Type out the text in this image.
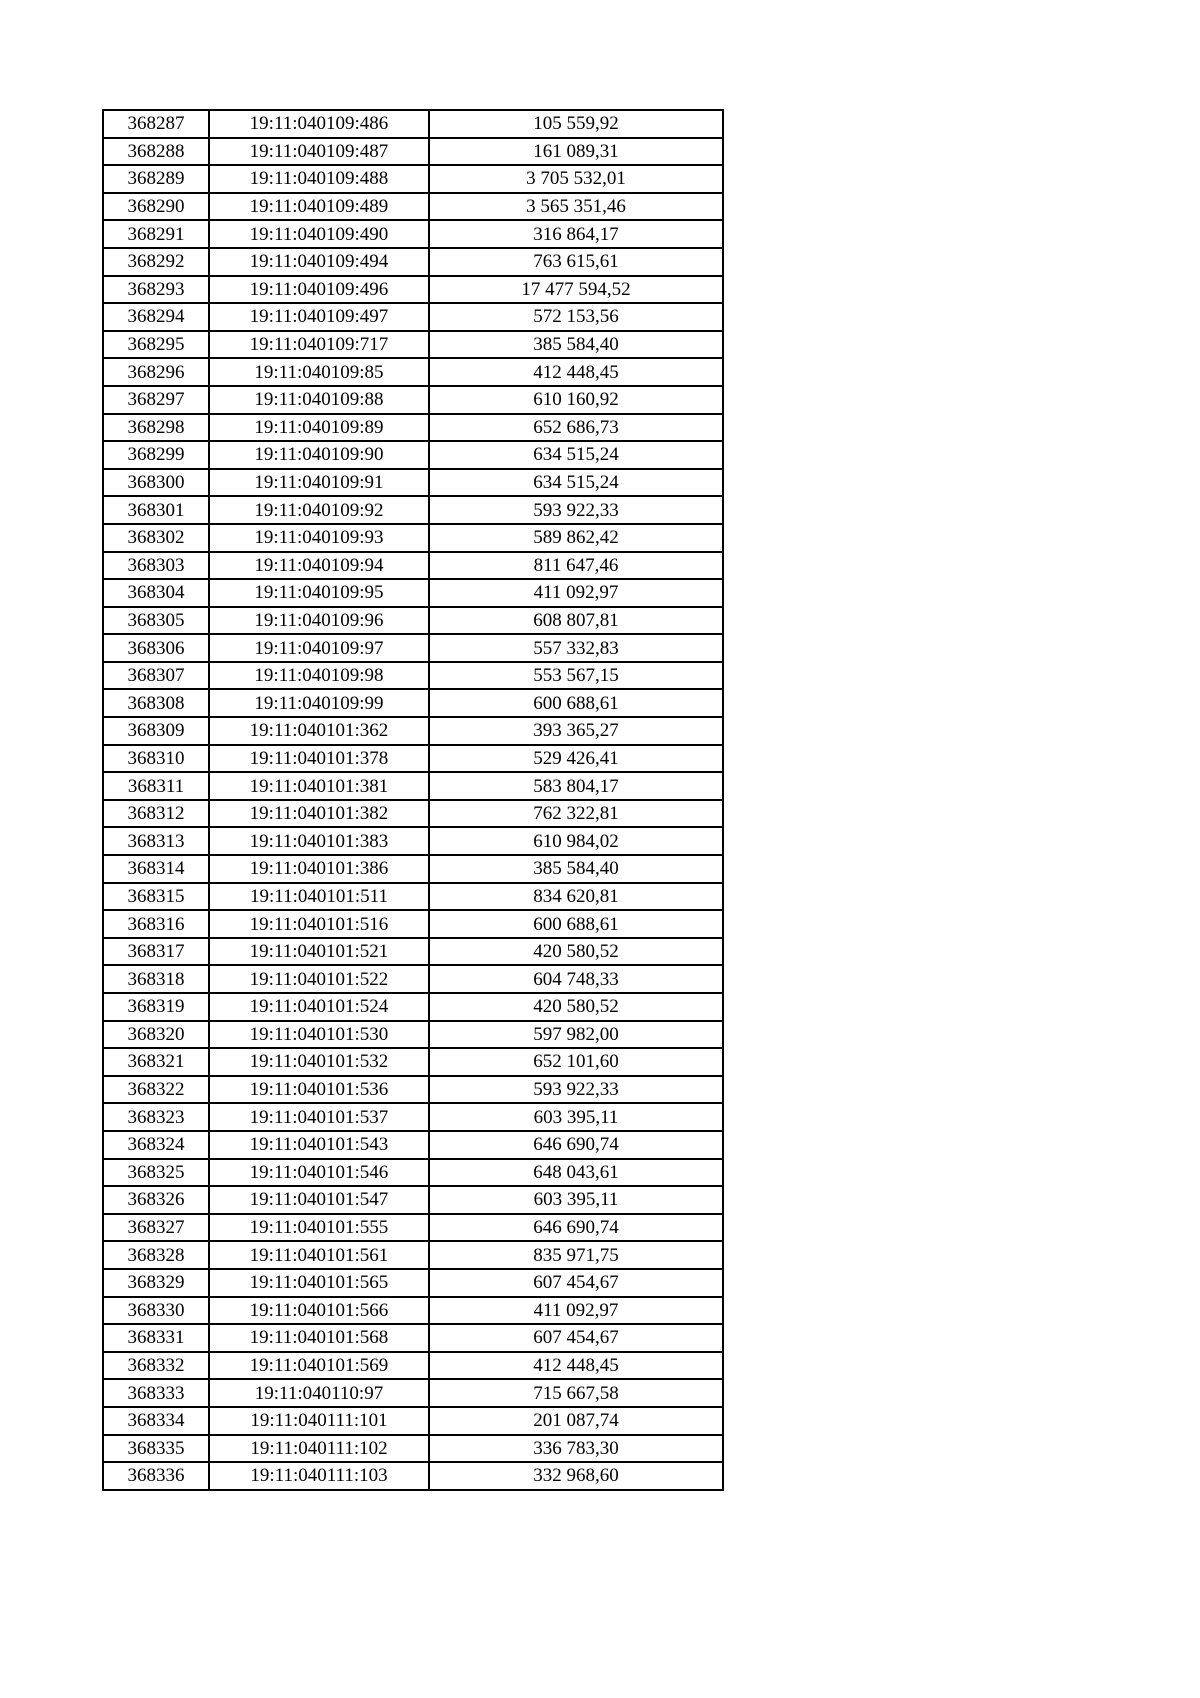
368287	19:11:040109:486	105 559,92
368288	19:11:040109:487	161 089,31
368289	19:11:040109:488	3 705 532,01
368290	19:11:040109:489	3 565 351,46
368291	19:11:040109:490	316 864,17
368292	19:11:040109:494	763 615,61
368293	19:11:040109:496	17 477 594,52
368294	19:11:040109:497	572 153,56
368295	19:11:040109:717	385 584,40
368296	19:11:040109:85	412 448,45
368297	19:11:040109:88	610 160,92
368298	19:11:040109:89	652 686,73
368299	19:11:040109:90	634 515,24
368300	19:11:040109:91	634 515,24
368301	19:11:040109:92	593 922,33
368302	19:11:040109:93	589 862,42
368303	19:11:040109:94	811 647,46
368304	19:11:040109:95	411 092,97
368305	19:11:040109:96	608 807,81
368306	19:11:040109:97	557 332,83
368307	19:11:040109:98	553 567,15
368308	19:11:040109:99	600 688,61
368309	19:11:040101:362	393 365,27
368310	19:11:040101:378	529 426,41
368311	19:11:040101:381	583 804,17
368312	19:11:040101:382	762 322,81
368313	19:11:040101:383	610 984,02
368314	19:11:040101:386	385 584,40
368315	19:11:040101:511	834 620,81
368316	19:11:040101:516	600 688,61
368317	19:11:040101:521	420 580,52
368318	19:11:040101:522	604 748,33
368319	19:11:040101:524	420 580,52
368320	19:11:040101:530	597 982,00
368321	19:11:040101:532	652 101,60
368322	19:11:040101:536	593 922,33
368323	19:11:040101:537	603 395,11
368324	19:11:040101:543	646 690,74
368325	19:11:040101:546	648 043,61
368326	19:11:040101:547	603 395,11
368327	19:11:040101:555	646 690,74
368328	19:11:040101:561	835 971,75
368329	19:11:040101:565	607 454,67
368330	19:11:040101:566	411 092,97
368331	19:11:040101:568	607 454,67
368332	19:11:040101:569	412 448,45
368333	19:11:040110:97	715 667,58
368334	19:11:040111:101	201 087,74
368335	19:11:040111:102	336 783,30
368336	19:11:040111:103	332 968,60
